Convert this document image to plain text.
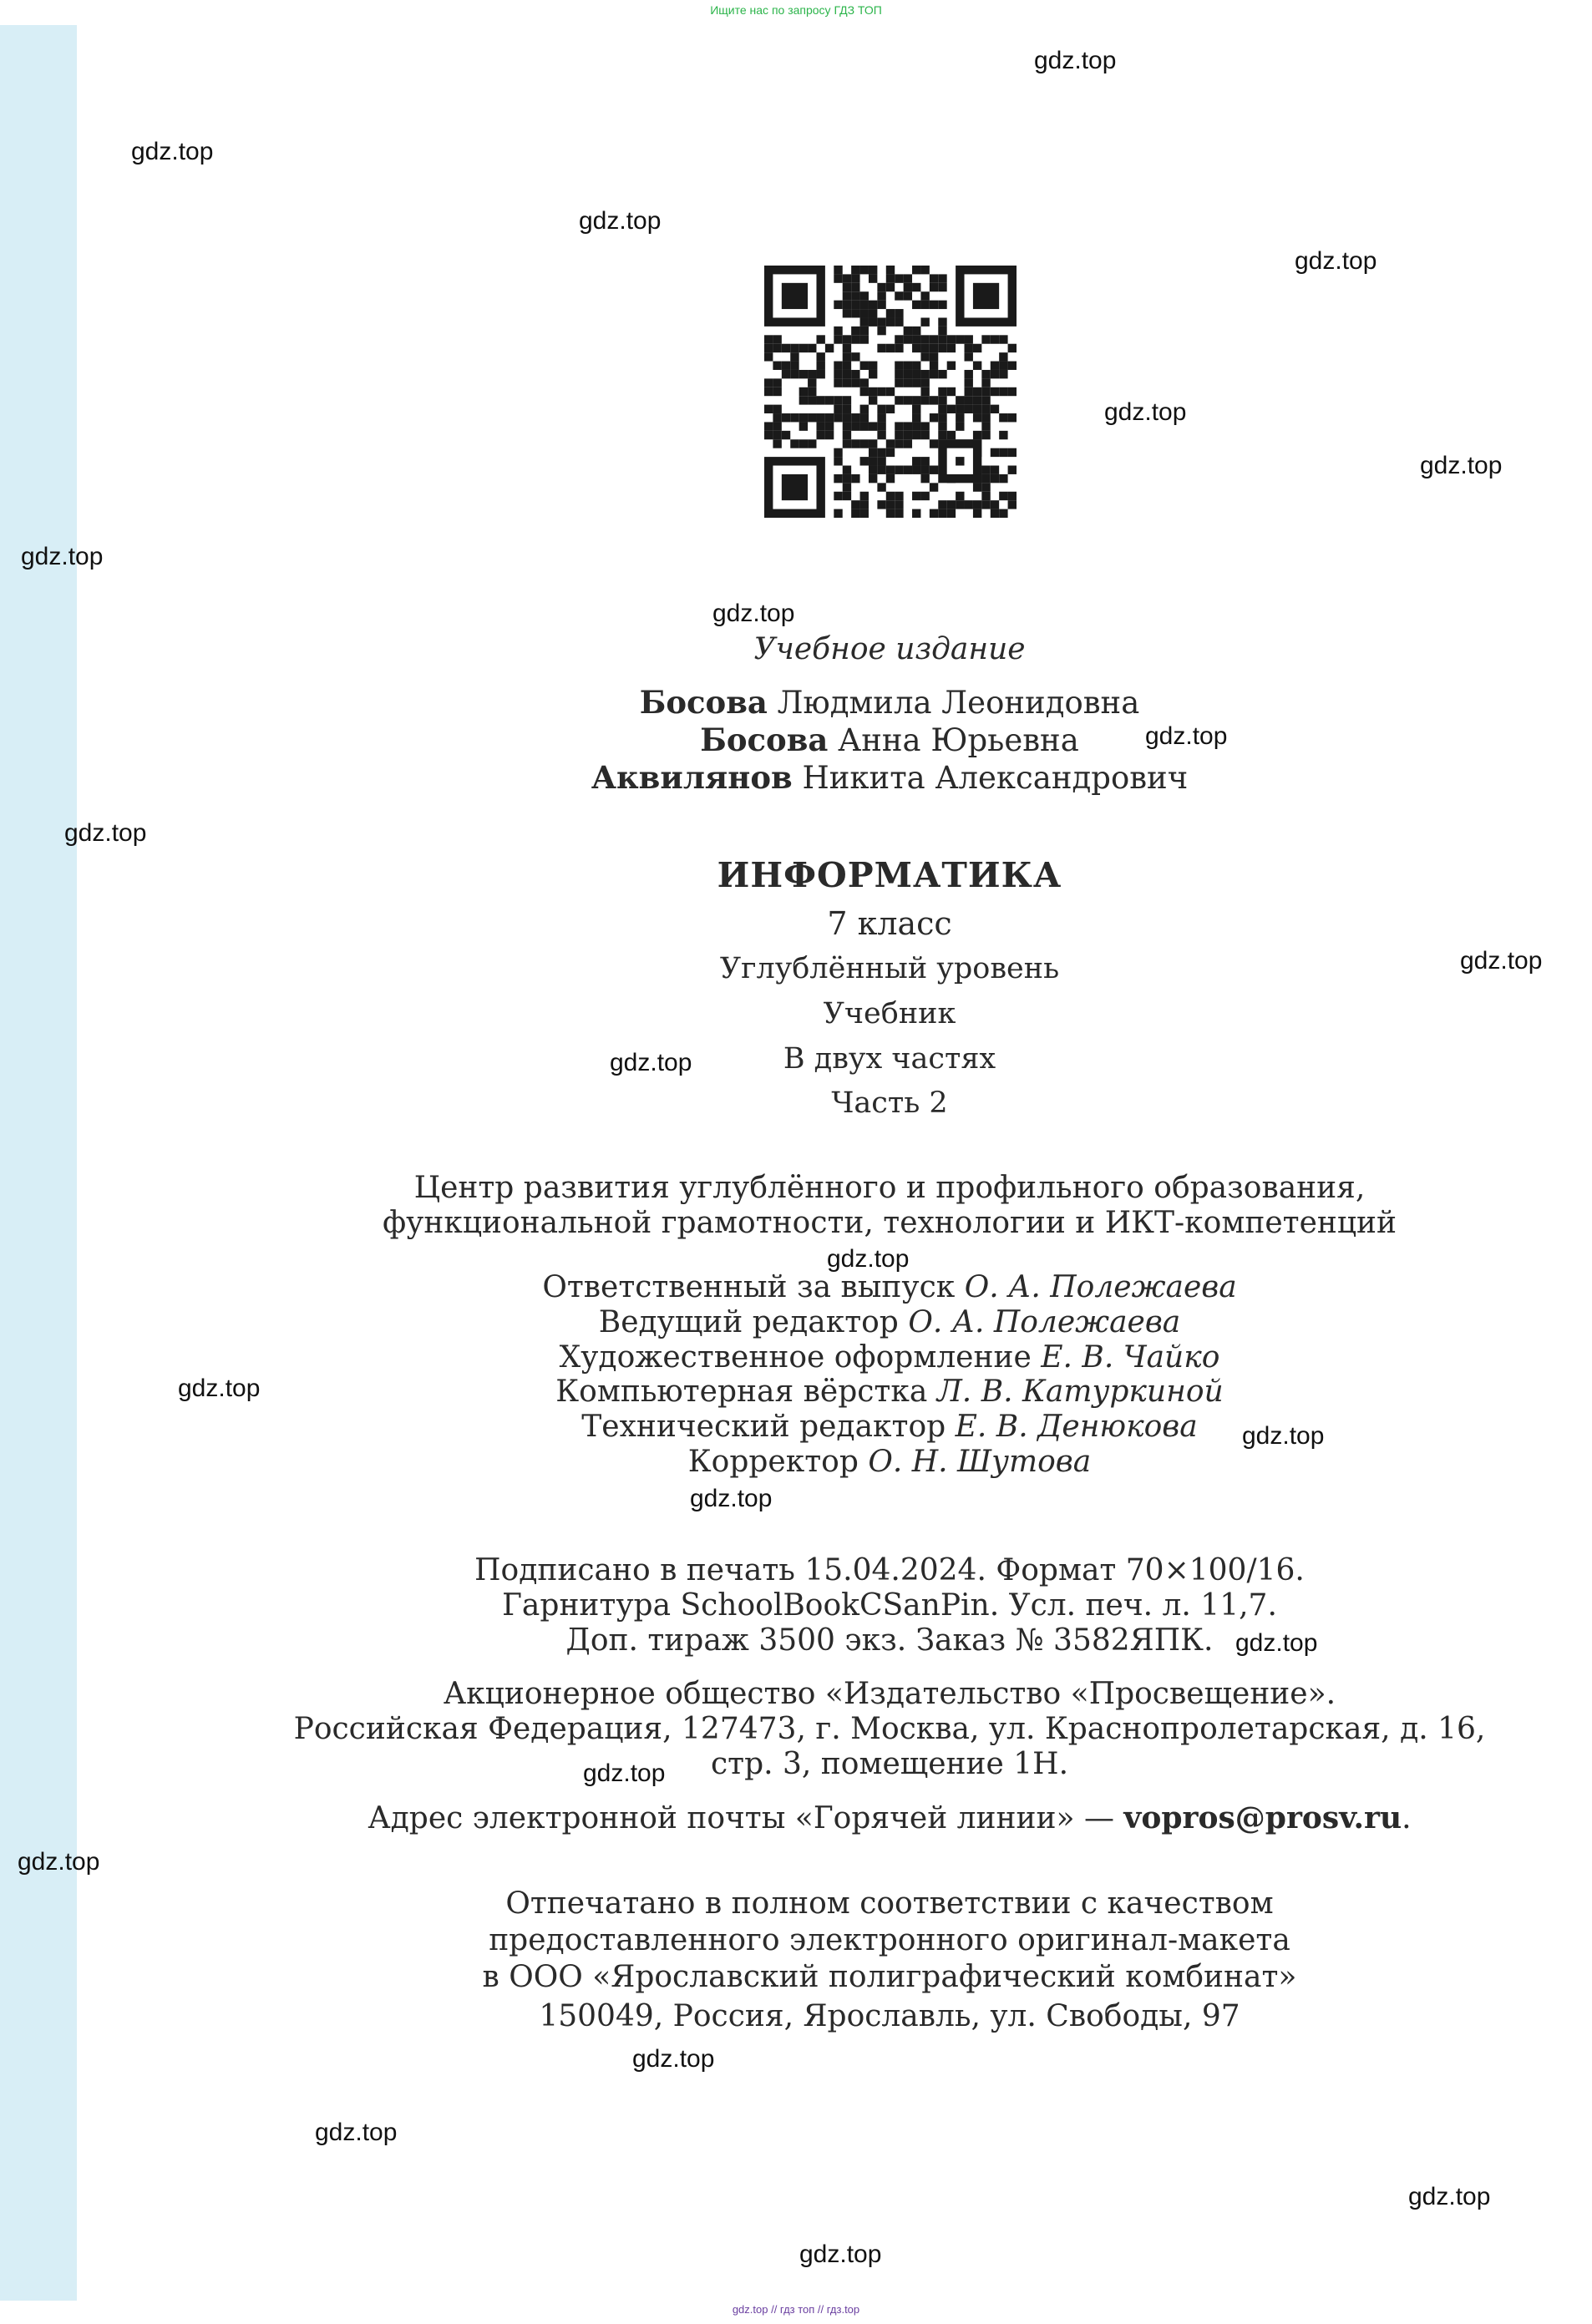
Ищите нас по запросу ГДЗ ТОП
gdz.top
gdz.top
gdz.top
gdz.top
gdz.top
gdz.top
gdz.top
gdz.top
gdz.top
gdz.top
gdz.top
gdz.top
gdz.top
gdz.top
gdz.top
gdz.top
gdz.top
gdz.top
gdz.top
gdz.top
gdz.top
gdz.top
gdz.top
Учебное издание
Босова Людмила Леонидовна
Босова Анна Юрьевна
Аквилянов Никита Александрович
ИНФОРМАТИКА
7 класс
Углублённый уровень
Учебник
В двух частях
Часть 2
Центр развития углублённого и профильного образования,
функциональной грамотности, технологии и ИКТ-компетенций
Ответственный за выпуск О. А. Полежаева
Ведущий редактор О. А. Полежаева
Художественное оформление Е. В. Чайко
Компьютерная вёрстка Л. В. Катуркиной
Технический редактор Е. В. Денюкова
Корректор О. Н. Шутова
Подписано в печать 15.04.2024. Формат 70×100/16.
Гарнитура SchoolBookCSanPin. Усл. печ. л. 11,7.
Доп. тираж 3500 экз. Заказ № 3582ЯПК.
Акционерное общество «Издательство «Просвещение».
Российская Федерация, 127473, г. Москва, ул. Краснопролетарская, д. 16,
стр. 3, помещение 1Н.
Адрес электронной почты «Горячей линии» — vopros@prosv.ru.
Отпечатано в полном соответствии с качеством
предоставленного электронного оригинал-макета
в ООО «Ярославский полиграфический комбинат»
150049, Россия, Ярославль, ул. Свободы, 97
gdz.top // гдз топ // гдз.top
